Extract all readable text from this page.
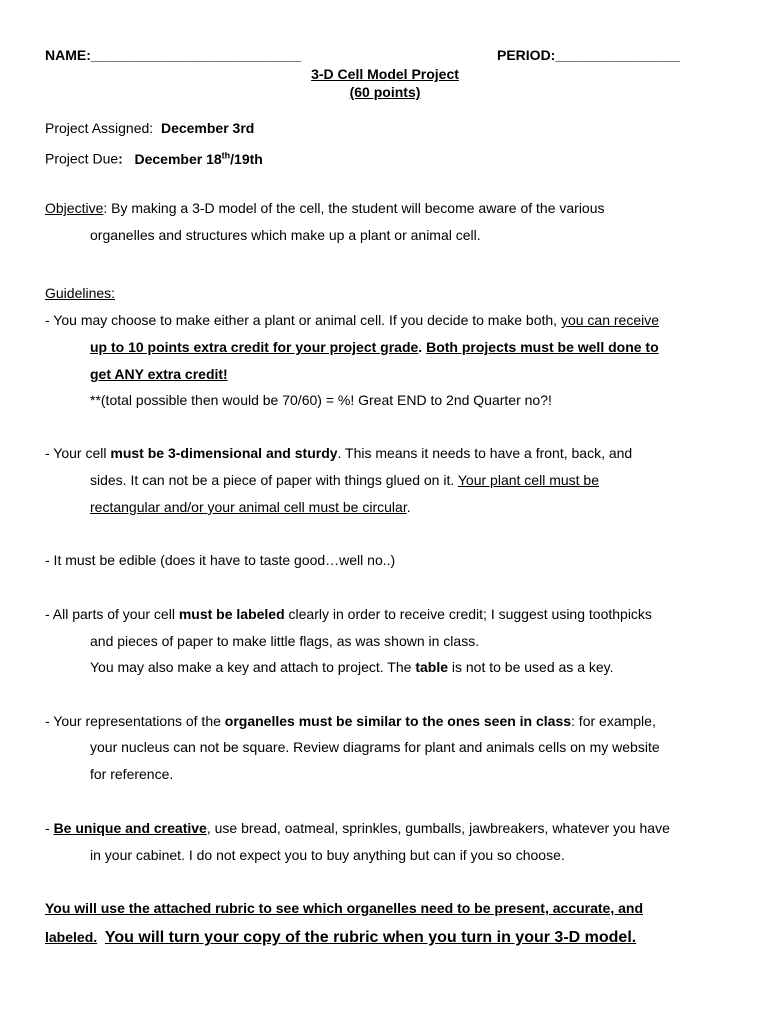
NAME:___________________________	PERIOD:________________
3-D Cell Model Project
(60 points)
Project Assigned: December 3rd
Project Due: December 18th/19th
Objective: By making a 3-D model of the cell, the student will become aware of the various
organelles and structures which make up a plant or animal cell.
Guidelines:
- You may choose to make either a plant or animal cell. If you decide to make both, you can receive
up to 10 points extra credit for your project grade. Both projects must be well done to
get ANY extra credit!
**(total possible then would be 70/60) = %! Great END to 2nd Quarter no?!
- Your cell must be 3-dimensional and sturdy. This means it needs to have a front, back, and
sides. It can not be a piece of paper with things glued on it. Your plant cell must be
rectangular and/or your animal cell must be circular.
- It must be edible (does it have to taste good…well no..)
- All parts of your cell must be labeled clearly in order to receive credit; I suggest using toothpicks
and pieces of paper to make little flags, as was shown in class.
You may also make a key and attach to project. The table is not to be used as a key.
- Your representations of the organelles must be similar to the ones seen in class: for example,
your nucleus can not be square. Review diagrams for plant and animals cells on my website
for reference.
- Be unique and creative, use bread, oatmeal, sprinkles, gumballs, jawbreakers, whatever you have
in your cabinet. I do not expect you to buy anything but can if you so choose.
You will use the attached rubric to see which organelles need to be present, accurate, and
labeled. You will turn your copy of the rubric when you turn in your 3-D model.
